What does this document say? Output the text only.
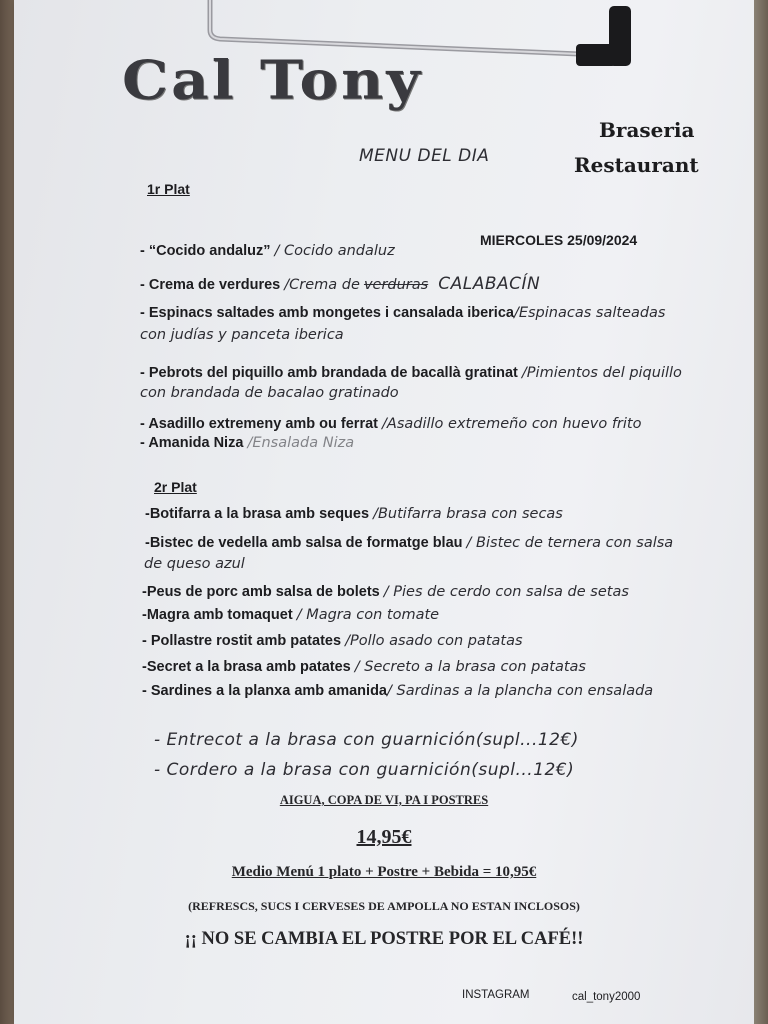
Cal Tony
Braseria
Restaurant
MENU DEL DIA
1r Plat
MIERCOLES 25/09/2024
- “Cocido andaluz” / Cocido andaluz
- Crema de verdures /Crema de verduras CALABACÍN
- Espinacs saltades amb mongetes i cansalada iberica/Espinacas salteadas
con judías y panceta iberica
- Pebrots del piquillo amb brandada de bacallà gratinat /Pimientos del piquillo
con brandada de bacalao gratinado
- Asadillo extremeny amb ou ferrat /Asadillo extremeño con huevo frito
- Amanida Niza /Ensalada Niza
2r Plat
-Botifarra a la brasa amb seques /Butifarra brasa con secas
-Bistec de vedella amb salsa de formatge blau / Bistec de ternera con salsa
de queso azul
-Peus de porc amb salsa de bolets / Pies de cerdo con salsa de setas
-Magra amb tomaquet / Magra con tomate
- Pollastre rostit amb patates /Pollo asado con patatas
-Secret a la brasa amb patates / Secreto a la brasa con patatas
- Sardines a la planxa amb amanida/ Sardinas a la plancha con ensalada
- Entrecot a la brasa con guarnición(supl...12€)
- Cordero a la brasa con guarnición(supl...12€)
AIGUA, COPA DE VI, PA I POSTRES
14,95€
Medio Menú 1 plato + Postre + Bebida = 10,95€
(REFRESCS, SUCS I CERVESES DE AMPOLLA NO ESTAN INCLOSOS)
¡¡ NO SE CAMBIA EL POSTRE POR EL CAFÉ!!
INSTAGRAM	cal_tony2000
